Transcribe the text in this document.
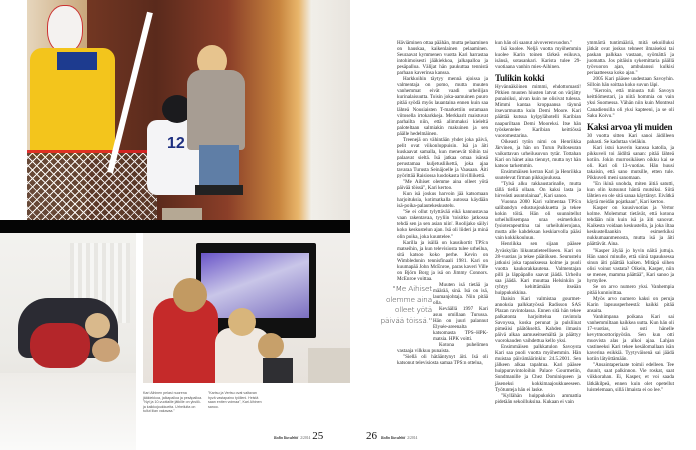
12
Kari Aihinen pelasi nuorena jääkiekkoa, jalkapalloa ja pesäpalloa. "Nyt ja 10-vuotiaille jätkille on yksilö- ja kaikkojoukkueita. Urheiluita on tullut liian vakavaa."
"Kartsu ja Vertsu ovat valtavan hyvä vastapaino työlleni. Heistä saan eniten voimaa", Kari Aihinen sanoo.
"Me Aihiset
olemme aina
olleet yötä
päivää töissä."

Häviäminen ottaa päähän, mutta pelaaminen on hauskaa, kaikenlainen pelaaminen. Seuraavat kymmenen vuotta Kari harrastaa intohimoisesti jääkiekkoa, jalkapalloa ja pesäpalloa. Välijat hän paukuttaa tennistä parhaan kaverinsa kanssa.

Harkkoihin täytyy mennä ajoissa ja valmentaja on pomo, mutta muuten vanhemmat eivät vaadi urheilijan kurinalaisuutta. Toisin joka-aamuinen puuro pitää syödä myös lauantaina ennen kuin saa lähteä Nousiaisten T-markettiin ostamaan viitosella irtokarkkeja. Merkkarit maistuvat parhailta niin, että alimmaksi kieleltä paloteltaan salmiakin makuinen ja sen päälle hedelmäinen.

Treenejä on vähintään yhdet joka päivä, pelit ovat viikonloppuisin. Isä ja äiti kuskaavat samalla, kun menevät töihin tai palaavat sieltä. Isä jatkaa omaa isänsä perustamaa kuljetusliikettä, joka ajaa tavaraa Turusta Seinäjoelle ja Vaasaan. Äiti pyörittää Raisiossa luodokasta liivilliikettä.

"Me Aihiset olemme aina olleet yötä päivää töissä", Kari kertoo.

Kun isä joskus harvoin jää katsomaan harjoituksia, kotimatkalla autossa käydään isä-poika-palautekeskustelu.

"Se ei ollut tylyttävää eikä kannustavaa vaan rakentavaa, tyyliin 'toisitko jatkossa tehdä sen ja sen asian niin'. Roolijako säilyi koko keskustelun ajan. Isä oli liideri ja minä olin poika, joka kuuntelee."

Karilla ja isällä on kausikortit TPS:n matseihin, ja kun televisiosta tulee urheilua, sitä katsoo koko perhe. Kevin on Wimbledonin tennisfinaali 1981. Kari on kuumapää John McEnroe, paras kaveri Ville on Björn Borg ja isä on Jimmy Connors. McEnroe voittaa.

Muuten isä tietää ja määrää, sinä. Isä on isä, laumanjohtaja. Niin pitää olla.

Keväällä 1997 Kari asuu omillaan Turussa. Hän on juuri palannut Elysée-areenalta katsomasta TPS–HPK-matsia. HPK voitti.

Kotona puhelimen vastaaja vilkkuu punaista.

"Siellä oli hätääntynyt äiti. Isä oli katsonut televisiosta samaa TPS:n ottelua,

kun hän oli saanut aivoverenvuodon."

Isä kuolee. Neljä vuotta myöhemmin kuolee Karin toinen tärkeä esikuva, isänsä, sotasankari. Karista tulee 29-vuotiaana vanhin mies-Aihinen.

Tulikin kokki

Hyvännäköinen mimmi, ehdottomasti! Pitkien muuten hiusten latvat on värjätty punaisiksi, aivan kuin ne olisivat tulessa. Mimmi kantaa kroppaansa täynnä itsevarmuutta kuin Demi Moore. Kari päättää kutsua kylpylähotelli Karibian naapuriltaan Demi Mooreksi. Itse hän työskentelee Karibian keittiössä vuoromestarina.

Oikeasti tytön nimi on Henriikka Järvinen, ja hän on Turun Palloseuran vaikuttavan urheilusuvun tytär. Tottahan Kari on hänet aina tiennyt, mutta nyt hän katsoo tarkemmin.

Ensimmäisen kerran Kari ja Henriikka suutelevat firman pikkujoulussa.

"Tylsä alku rakkaustarinalle, mutta tällä tiellä ollaan. On kaksi lasta ja hirveästi asuntolainaa", Kari sanoo.

Vuonna 2000 Kari valmentaa TPS:n salibandyn edustusjoukkuetta ja tekee kokin töitä. Hän oli suunnitellut urheilullisempaa uraa esimerkiksi fysioterapeuttina tai urheiluhierojana, mutta alle kahdeksan keskiarvolla pääsi vain kokkikouluun.

Henriikka sen sijaan pääsee Jyväskylän liikuntatieteelliseen. Kari on 28-vuotias ja tekee päätöksen. Seurustelu jatkuisi joka tapauksessa kolme ja puoli vuotta kaukorakkautena. Valmentajan pilli ja läppäpallo saavat jäädä. Urheilu saa jäädä. Kari muuttaa Helsinkiin ja ryhtyy kehittämään itseään huippukokkina.

Ihaisin Kari valmistaa gourmet-annoksia palkkatyössä Radisson SAS Plazan ravintolassa. Ennen sitä hän tekee palkatonta harjoittelua ravintola Savoyssa, koska perunat ja pulsliinat pimeäisi päätökseltä. Kahden ilmasin päivä alkaa aamuseitsemältä ja päättyy vuorokauden vaihdettua kello yksi.

Ensimmäisen palkkatulon Savoysta Kari saa puoli vuotta myöhemmin. Hän muistaa päivämäärinkin: 24.5.2001. Sen jälkeen alkaa tapahtua. Kari pääsee huippuravintoloihin Palace Gourmetiin, Sundmanille ja Chez Dominiqueen ja jäseneksi kokkimaajoukkueeseen. Työtunteja hän ei laske.

"Kyllähän huippukokin ammattia pidetään sekoilluksina. Kukaan ei vain

ymmärrä tuntimääriä, mitä sekoilluksi jätkät ovat joskus tehneet ilmaiseksi tai paskan palkkaa vastaan, syömättä ja juomatta. Jos pitäisin sykemittaria päällä työvuoron ajan, ambulanssi kulkisi periaatteessa koko ajan."

2005 Kari pääsee uudestaan Savoyhin. Silloin hän soittaa koko suvun läpi.

"Kerroin, että minusta tuli Savoyn keittiömestari, ja niitä hommia on vain yksi Suomessa. Vähän niin kuin Montreal Canadiensilla oli yksi kapteeni, ja se oli Saku Koivu."

Kaksi arvoa yli muiden

30 vuotta sitten Kari sanoi äidilleen pahasti. Se kaduttaa vieläkin.

Kari istui kaverin kanssa katolla, ja pikkuveli toi äidiltä sanan: pitää lähteä kotiin. Jokin murrosikäisen oikku kai se oli. Kari oli 13-vuotias. Hän huusi takaisin, että sano mutsille, etten tule. Pikkuveli meni sanomaan.

"En ikinä unohda, miten äitiä satutti, kun olin kutsunut häntä mutsiksi. Siitä lähtien en ole sitä sanaa käyttänyt. Eivätkä käytä meidän pojatkaan", Kari kertoo.

Kasper on kuusivuotias ja Vertor kolme. Molemmat tietävät, että kotona tehdään niin kuin isä ja äiti sanovat. Kaikesta voidaan keskustella, ja joka iltaa keskustellaankin esimerkiksi nukkumaanmenosta, mutta isä ja äiti päättävät. Aina.

"Kasper älyää jo hyvin näitä juttuja. Hän sanoi minulle, että siinä tapauksessa sinun äiti päättää kaiken. Mitäpä siihen olisi voinut vastata? Oikein, Kasper, niin se menee, mamma päättää", Kari sanoo ja hymyilee.

Se on arvo numero yksi. Vanhempia pitää kunnioittaa.

Myös arvo numero kaksi on peruja Karin lapsuusperheestä: kaikki pitää ansaita.

Vanhimpana poikana Kari sai vanhemmiltaan kaikkea uutta. Kun hän oli 17-vuotias, isä osti hänelle kevytmoottoripyörän. Sen kun otti muovista alas ja alkoi ajaa. Lahjan vastineeksi Kari tekee kesälomallaan isän kaverina esikkiä. Tyytyväisenä sai jäädä kotiin lätyöttämään.

"Ansaintaperiaate toimii edelleen. Tee duunit, saat palkinnon. Vie roskat, saat viikkorahan. Ei, Kasper, et voi saada lätkäkilpeä, ennen kuin olet opetellut luistelemaan, sillä ilmaista ei oo lee."

Kodin Kuvalehti 2/2014 25	26 Kodin Kuvalehti 2/2014
